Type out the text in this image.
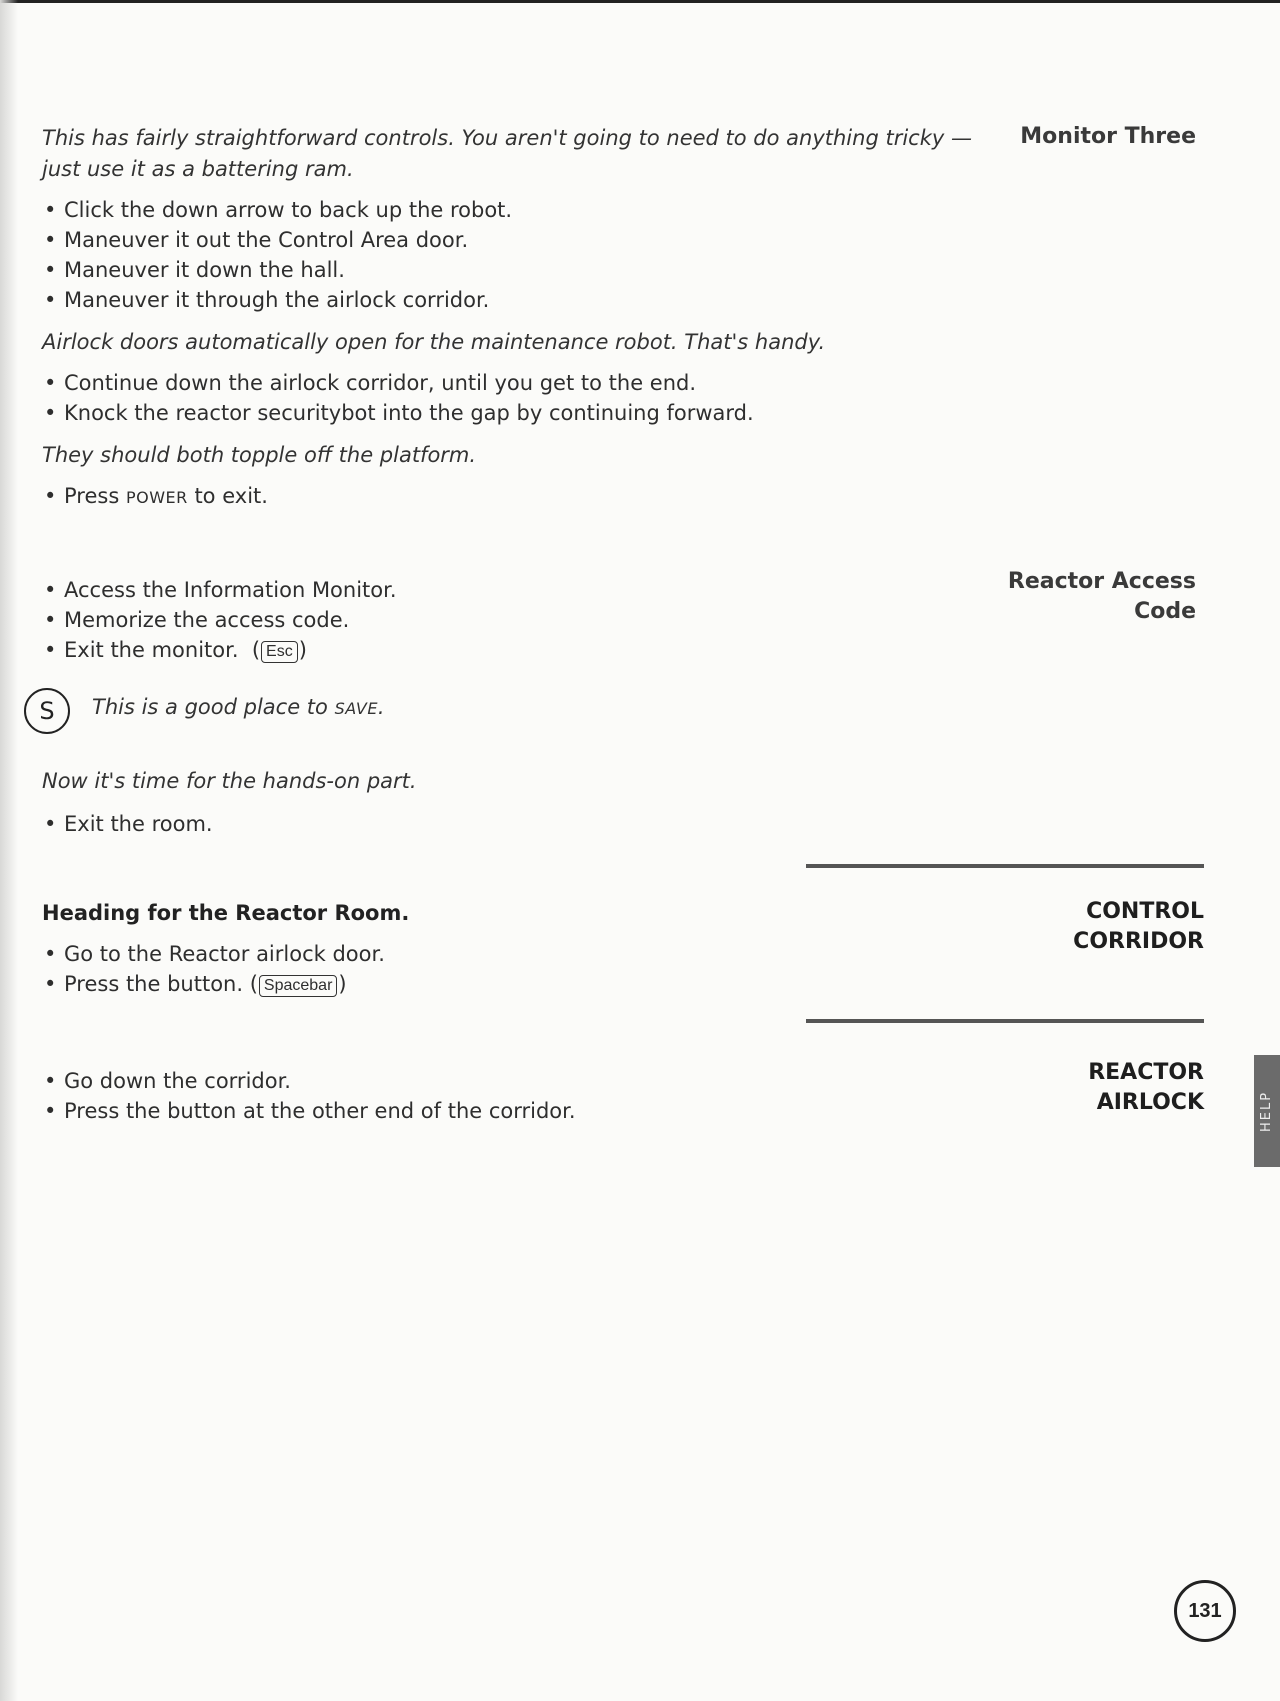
This has fairly straightforward controls. You aren't going to need to do anything tricky — just use it as a battering ram.

• Click the down arrow to back up the robot.
• Maneuver it out the Control Area door.
• Maneuver it down the hall.
• Maneuver it through the airlock corridor.

Airlock doors automatically open for the maintenance robot. That's handy.

• Continue down the airlock corridor, until you get to the end.
• Knock the reactor securitybot into the gap by continuing forward.

They should both topple off the platform.

• Press POWER to exit.
• Access the Information Monitor.
• Memorize the access code.
• Exit the monitor.  ( Esc )
S This is a good place to SAVE.

Now it's time for the hands-on part.

• Exit the room.

Heading for the Reactor Room.

• Go to the Reactor airlock door.
• Press the button. ( Spacebar )
• Go down the corridor.
• Press the button at the other end of the corridor.
Monitor Three
Reactor Access
Code
CONTROL
CORRIDOR
REACTOR
AIRLOCK	HELP
131
